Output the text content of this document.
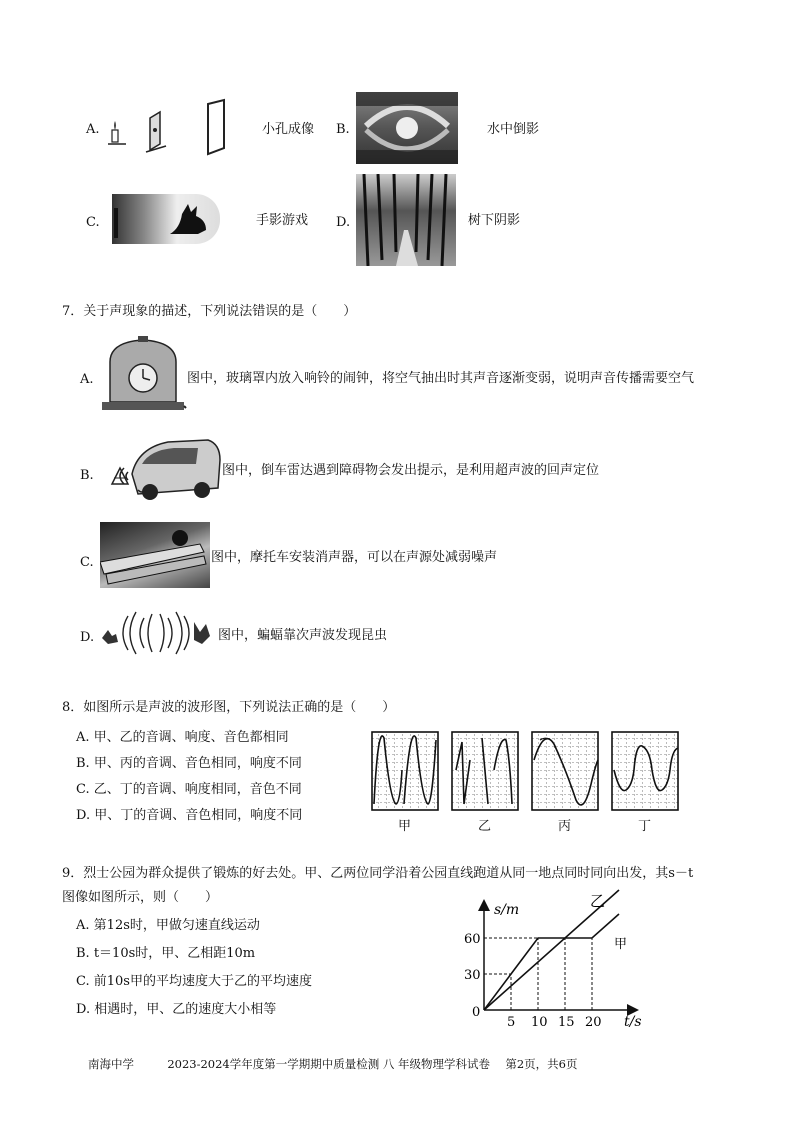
A.	小孔成像 B.	水中倒影
C.	手影游戏 D.	树下阴影
7．关于声现象的描述，下列说法错误的是（　　）
A.	图中，玻璃罩内放入响铃的闹钟，将空气抽出时其声音逐渐变弱，说明声音传播需要空气
B.	图中，倒车雷达遇到障碍物会发出提示，是利用超声波的回声定位
C.	图中，摩托车安装消声器，可以在声源处减弱噪声
D.	图中，蝙蝠靠次声波发现昆虫
8．如图所示是声波的波形图，下列说法正确的是（　　）
A. 甲、乙的音调、响度、音色都相同
B. 甲、丙的音调、音色相同，响度不同
C. 乙、丁的音调、响度相同，音色不同
D. 甲、丁的音调、音色相同，响度不同
甲	乙	丙	丁
9．烈士公园为群众提供了锻炼的好去处。甲、乙两位同学沿着公园直线跑道从同一地点同时同向出发，其s－t
图像如图所示，则（　　）
A. 第12s时，甲做匀速直线运动
B. t＝10s时，甲、乙相距10m
C. 前10s甲的平均速度大于乙的平均速度
D. 相遇时，甲、乙的速度大小相等
5 10 15 20
30
60
s/m
t/s
0
乙
甲
南海中学	2023-2024学年度第一学期期中质量检测 八 年级物理学科试卷 第2页，共6页
